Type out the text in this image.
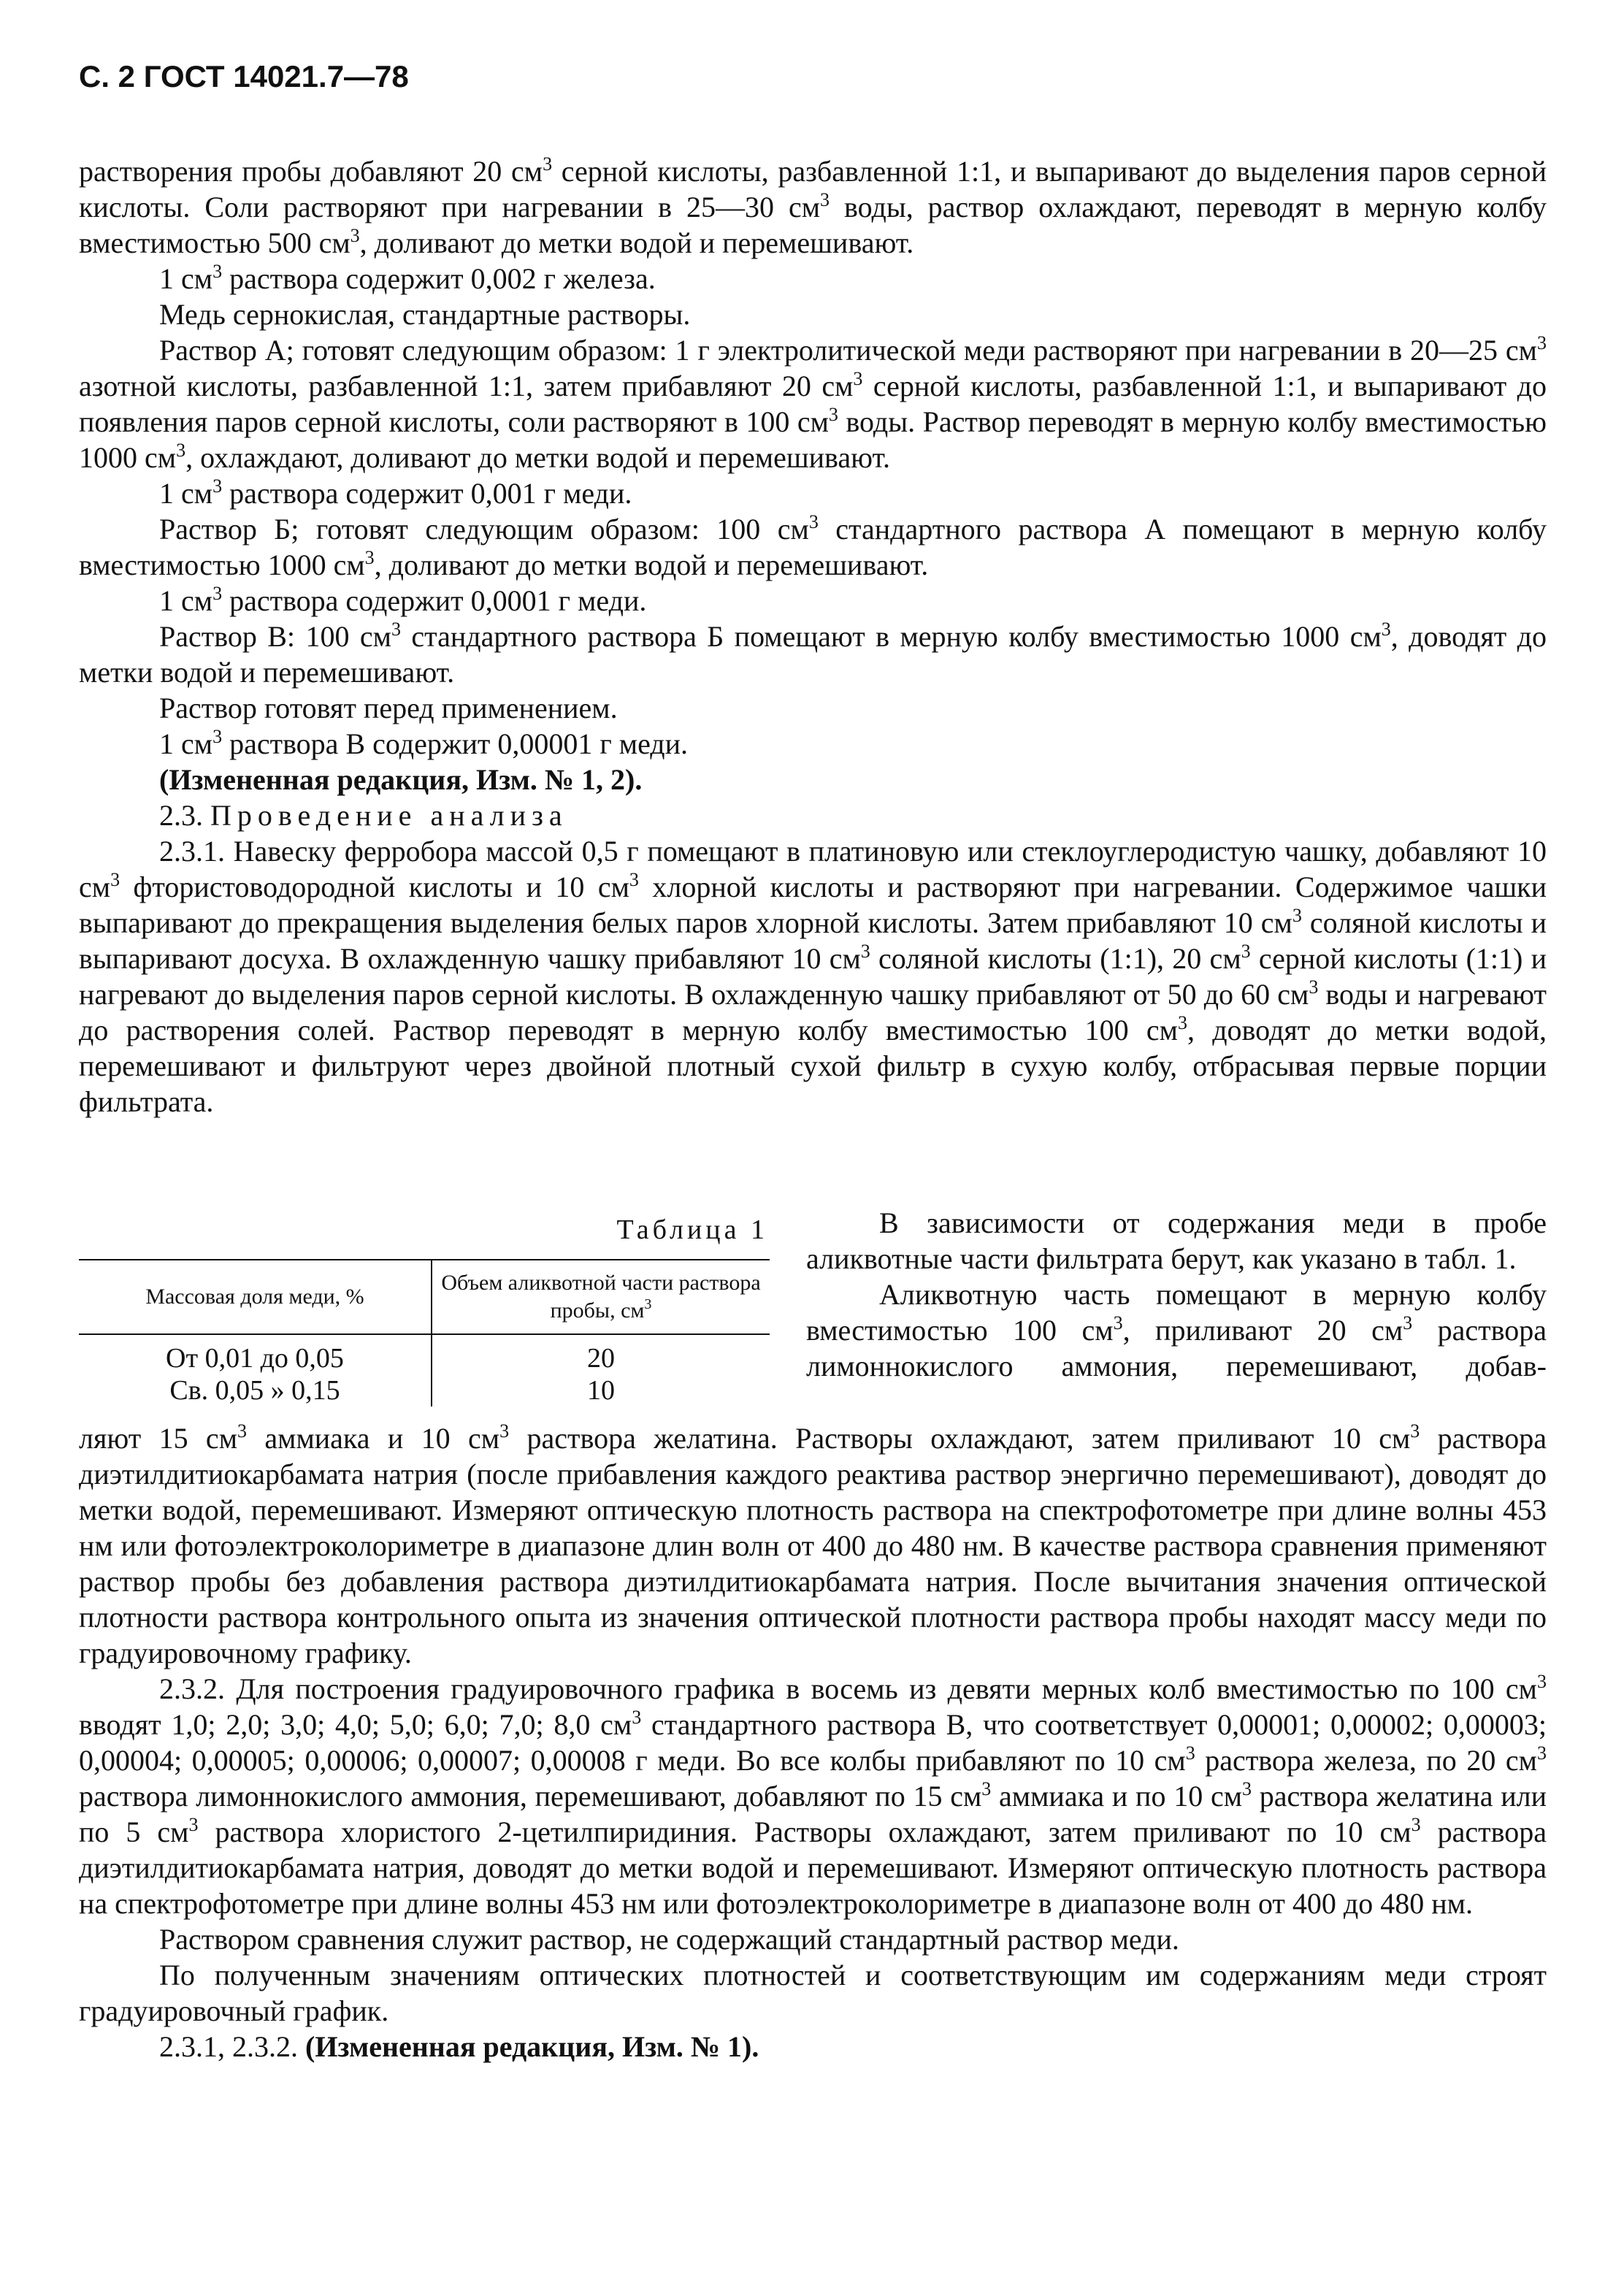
С. 2 ГОСТ 14021.7—78

растворения пробы добавляют 20 $см^3$ серной кислоты, разбавленной 1:1, и выпаривают до выделения паров серной кислоты. Соли растворяют при нагревании в 25—30 $см^3$ воды, раствор охлаждают, переводят в мерную колбу вместимостью 500 $см^3$, доливают до метки водой и перемешивают.

1 $см^3$ раствора содержит 0,002 г железа.

Медь сернокислая, стандартные растворы.

Раствор А; готовят следующим образом: 1 г электролитической меди растворяют при нагревании в 20—25 $см^3$ азотной кислоты, разбавленной 1:1, затем прибавляют 20 $см^3$ серной кислоты, разбавленной 1:1, и выпаривают до появления паров серной кислоты, соли растворяют в 100 $см^3$ воды. Раствор переводят в мерную колбу вместимостью 1000 $см^3$, охлаждают, доливают до метки водой и перемешивают.

1 $см^3$ раствора содержит 0,001 г меди.

Раствор Б; готовят следующим образом: 100 $см^3$ стандартного раствора А помещают в мерную колбу вместимостью 1000 $см^3$, доливают до метки водой и перемешивают.

1 $см^3$ раствора содержит 0,0001 г меди.

Раствор В: 100 $см^3$ стандартного раствора Б помещают в мерную колбу вместимостью 1000 $см^3$, доводят до метки водой и перемешивают.

Раствор готовят перед применением.

1 $см^3$ раствора В содержит 0,00001 г меди.

(Измененная редакция, Изм. № 1, 2).

2.3. Проведение анализа

2.3.1. Навеску ферробора массой 0,5 г помещают в платиновую или стеклоуглеродистую чашку, добавляют 10 $см^3$ фтористоводородной кислоты и 10 $см^3$ хлорной кислоты и растворяют при нагревании. Содержимое чашки выпаривают до прекращения выделения белых паров хлорной кислоты. Затем прибавляют 10 $см^3$ соляной кислоты и выпаривают досуха. В охлажденную чашку прибавляют 10 $см^3$ соляной кислоты (1:1), 20 $см^3$ серной кислоты (1:1) и нагревают до выделения паров серной кислоты. В охлажденную чашку прибавляют от 50 до 60 $см^3$ воды и нагревают до растворения солей. Раствор переводят в мерную колбу вместимостью 100 $см^3$, доводят до метки водой, перемешивают и фильтруют через двойной плотный сухой фильтр в сухую колбу, отбрасывая первые порции фильтрата.

Таблица 1
Массовая доля меди, %	Объем аликвотной части раствора пробы, $см^3$
От 0,01 до 0,05	20
Св. 0,05 » 0,15	10

В зависимости от содержания меди в пробе аликвотные части фильтрата берут, как указано в табл. 1.

Аликвотную часть помещают в мерную колбу вместимостью 100 $см^3$, приливают 20 $см^3$ раствора лимоннокислого аммония, перемешивают, добав-

ляют 15 $см^3$ аммиака и 10 $см^3$ раствора желатина. Растворы охлаждают, затем приливают 10 $см^3$ раствора диэтилдитиокарбамата натрия (после прибавления каждого реактива раствор энергично перемешивают), доводят до метки водой, перемешивают. Измеряют оптическую плотность раствора на спектрофотометре при длине волны 453 нм или фотоэлектроколориметре в диапазоне длин волн от 400 до 480 нм. В качестве раствора сравнения применяют раствор пробы без добавления раствора диэтилдитиокарбамата натрия. После вычитания значения оптической плотности раствора контрольного опыта из значения оптической плотности раствора пробы находят массу меди по градуировочному графику.

2.3.2. Для построения градуировочного графика в восемь из девяти мерных колб вместимостью по 100 $см^3$ вводят 1,0; 2,0; 3,0; 4,0; 5,0; 6,0; 7,0; 8,0 $см^3$ стандартного раствора В, что соответствует 0,00001; 0,00002; 0,00003; 0,00004; 0,00005; 0,00006; 0,00007; 0,00008 г меди. Во все колбы прибавляют по 10 $см^3$ раствора железа, по 20 $см^3$ раствора лимоннокислого аммония, перемешивают, добавляют по 15 $см^3$ аммиака и по 10 $см^3$ раствора желатина или по 5 $см^3$ раствора хлористого 2-цетилпиридиния. Растворы охлаждают, затем приливают по 10 $см^3$ раствора диэтилдитиокарбамата натрия, доводят до метки водой и перемешивают. Измеряют оптическую плотность раствора на спектрофотометре при длине волны 453 нм или фотоэлектроколориметре в диапазоне волн от 400 до 480 нм.

Раствором сравнения служит раствор, не содержащий стандартный раствор меди.

По полученным значениям оптических плотностей и соответствующим им содержаниям меди строят градуировочный график.

2.3.1, 2.3.2. (Измененная редакция, Изм. № 1).
